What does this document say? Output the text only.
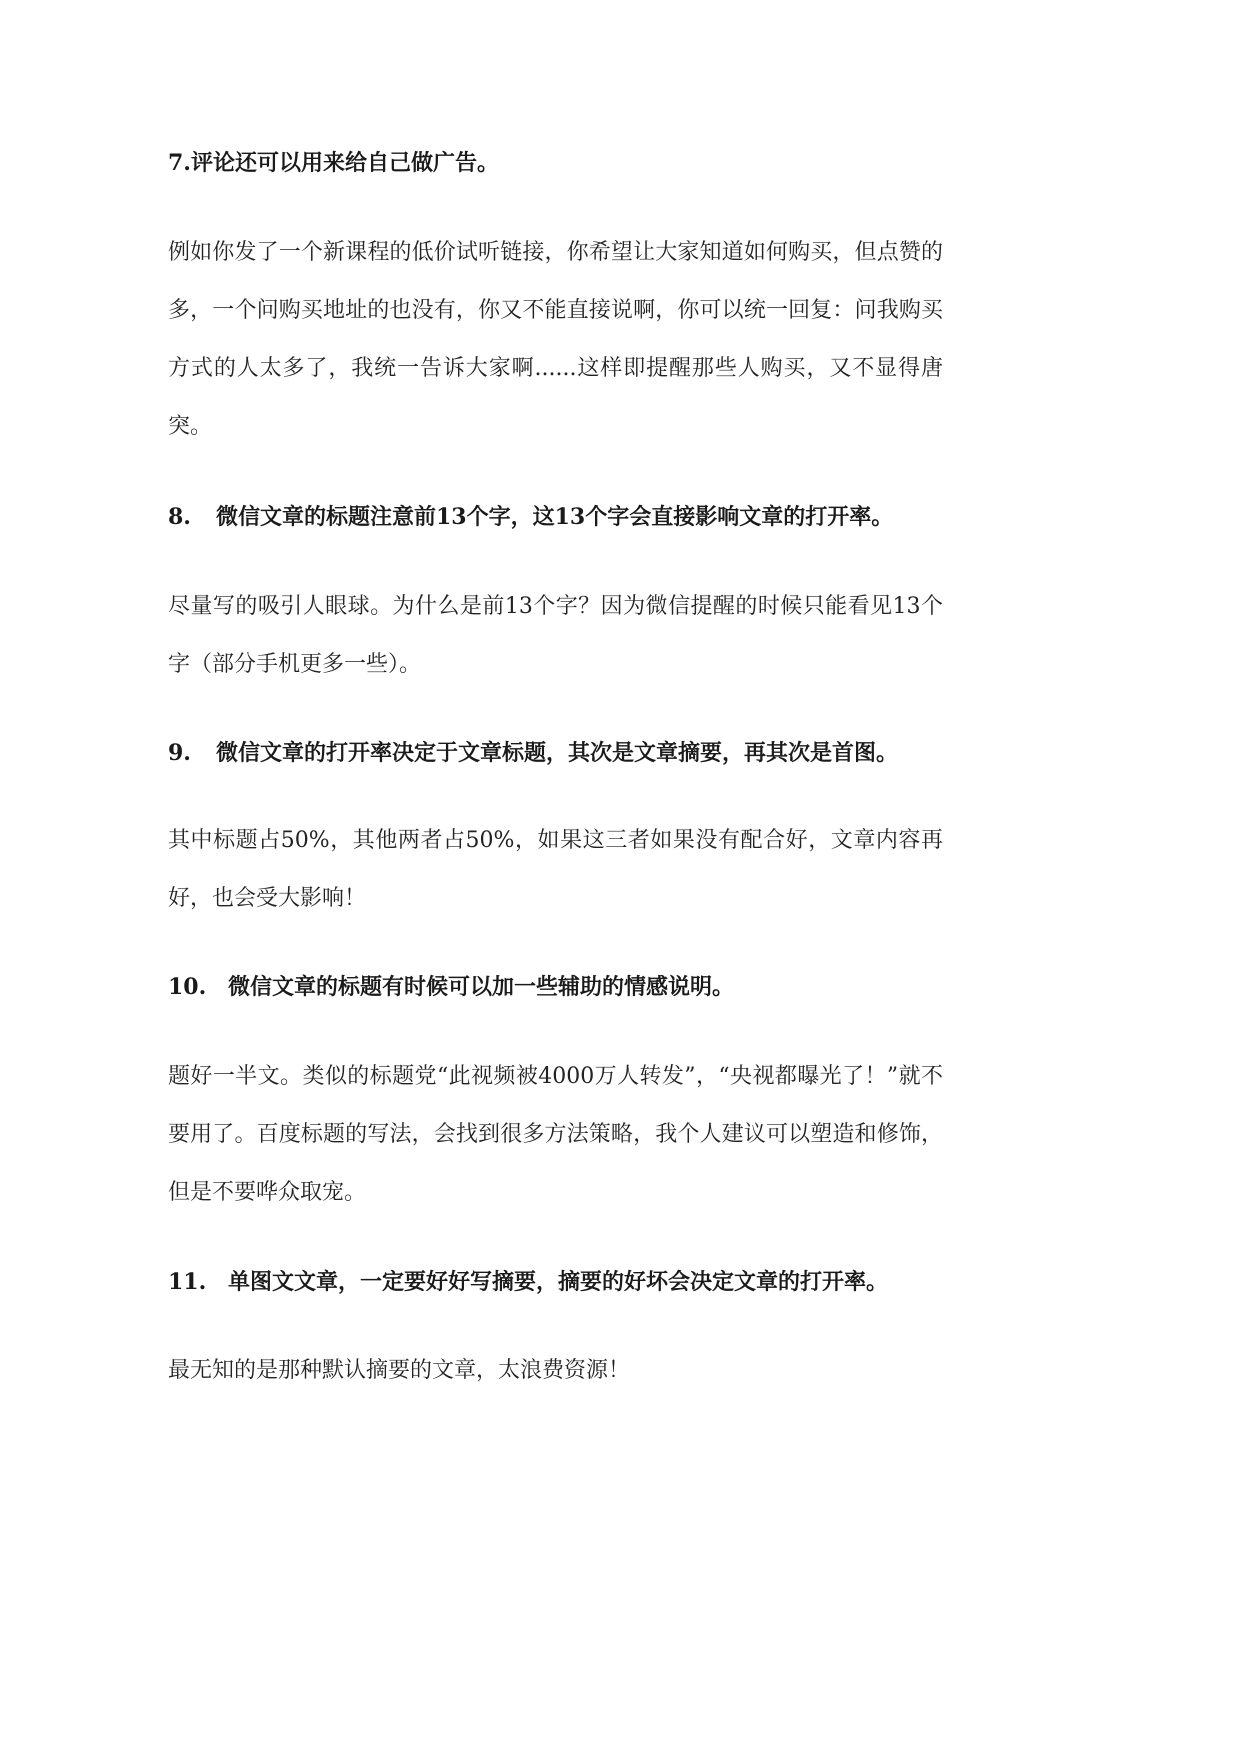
7.评论还可以用来给自己做广告。
例如你发了一个新课程的低价试听链接，你希望让大家知道如何购买，但点赞的多，一个问购买地址的也没有，你又不能直接说啊，你可以统一回复：问我购买方式的人太多了，我统一告诉大家啊......这样即提醒那些人购买，又不显得唐突。
8. 微信文章的标题注意前13个字，这13个字会直接影响文章的打开率。
尽量写的吸引人眼球。为什么是前13个字？因为微信提醒的时候只能看见13个字（部分手机更多一些）。
9. 微信文章的打开率决定于文章标题，其次是文章摘要，再其次是首图。
其中标题占50%，其他两者占50%，如果这三者如果没有配合好，文章内容再好，也会受大影响！
10. 微信文章的标题有时候可以加一些辅助的情感说明。
题好一半文。类似的标题党“此视频被4000万人转发”，“央视都曝光了！”就不要用了。百度标题的写法，会找到很多方法策略，我个人建议可以塑造和修饰，但是不要哗众取宠。
11. 单图文文章，一定要好好写摘要，摘要的好坏会决定文章的打开率。
最无知的是那种默认摘要的文章，太浪费资源！
